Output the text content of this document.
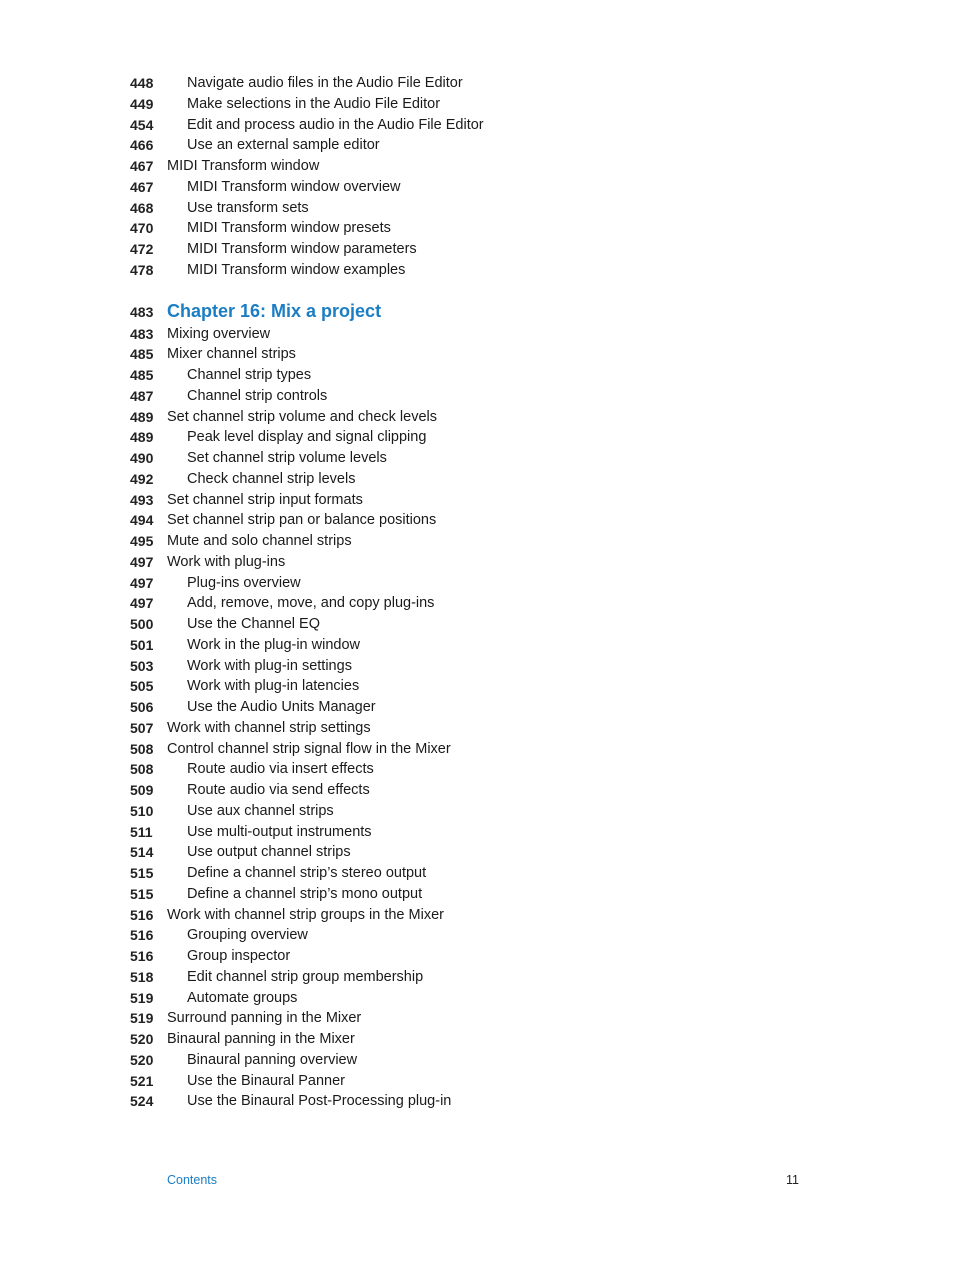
448	Navigate audio files in the Audio File Editor
449	Make selections in the Audio File Editor
454	Edit and process audio in the Audio File Editor
466	Use an external sample editor
467 MIDI Transform window
467	MIDI Transform window overview
468	Use transform sets
470	MIDI Transform window presets
472	MIDI Transform window parameters
478	MIDI Transform window examples
483 Chapter 16: Mix a project
483 Mixing overview
485 Mixer channel strips
485	Channel strip types
487	Channel strip controls
489 Set channel strip volume and check levels
489	Peak level display and signal clipping
490	Set channel strip volume levels
492	Check channel strip levels
493 Set channel strip input formats
494 Set channel strip pan or balance positions
495 Mute and solo channel strips
497 Work with plug-ins
497	Plug-ins overview
497	Add, remove, move, and copy plug-ins
500	Use the Channel EQ
501	Work in the plug-in window
503	Work with plug-in settings
505	Work with plug-in latencies
506	Use the Audio Units Manager
507 Work with channel strip settings
508 Control channel strip signal flow in the Mixer
508	Route audio via insert effects
509	Route audio via send effects
510	Use aux channel strips
511	Use multi-output instruments
514	Use output channel strips
515	Define a channel strip’s stereo output
515	Define a channel strip’s mono output
516 Work with channel strip groups in the Mixer
516	Grouping overview
516	Group inspector
518	Edit channel strip group membership
519	Automate groups
519 Surround panning in the Mixer
520 Binaural panning in the Mixer
520	Binaural panning overview
521	Use the Binaural Panner
524	Use the Binaural Post-Processing plug-in
Contents	11
